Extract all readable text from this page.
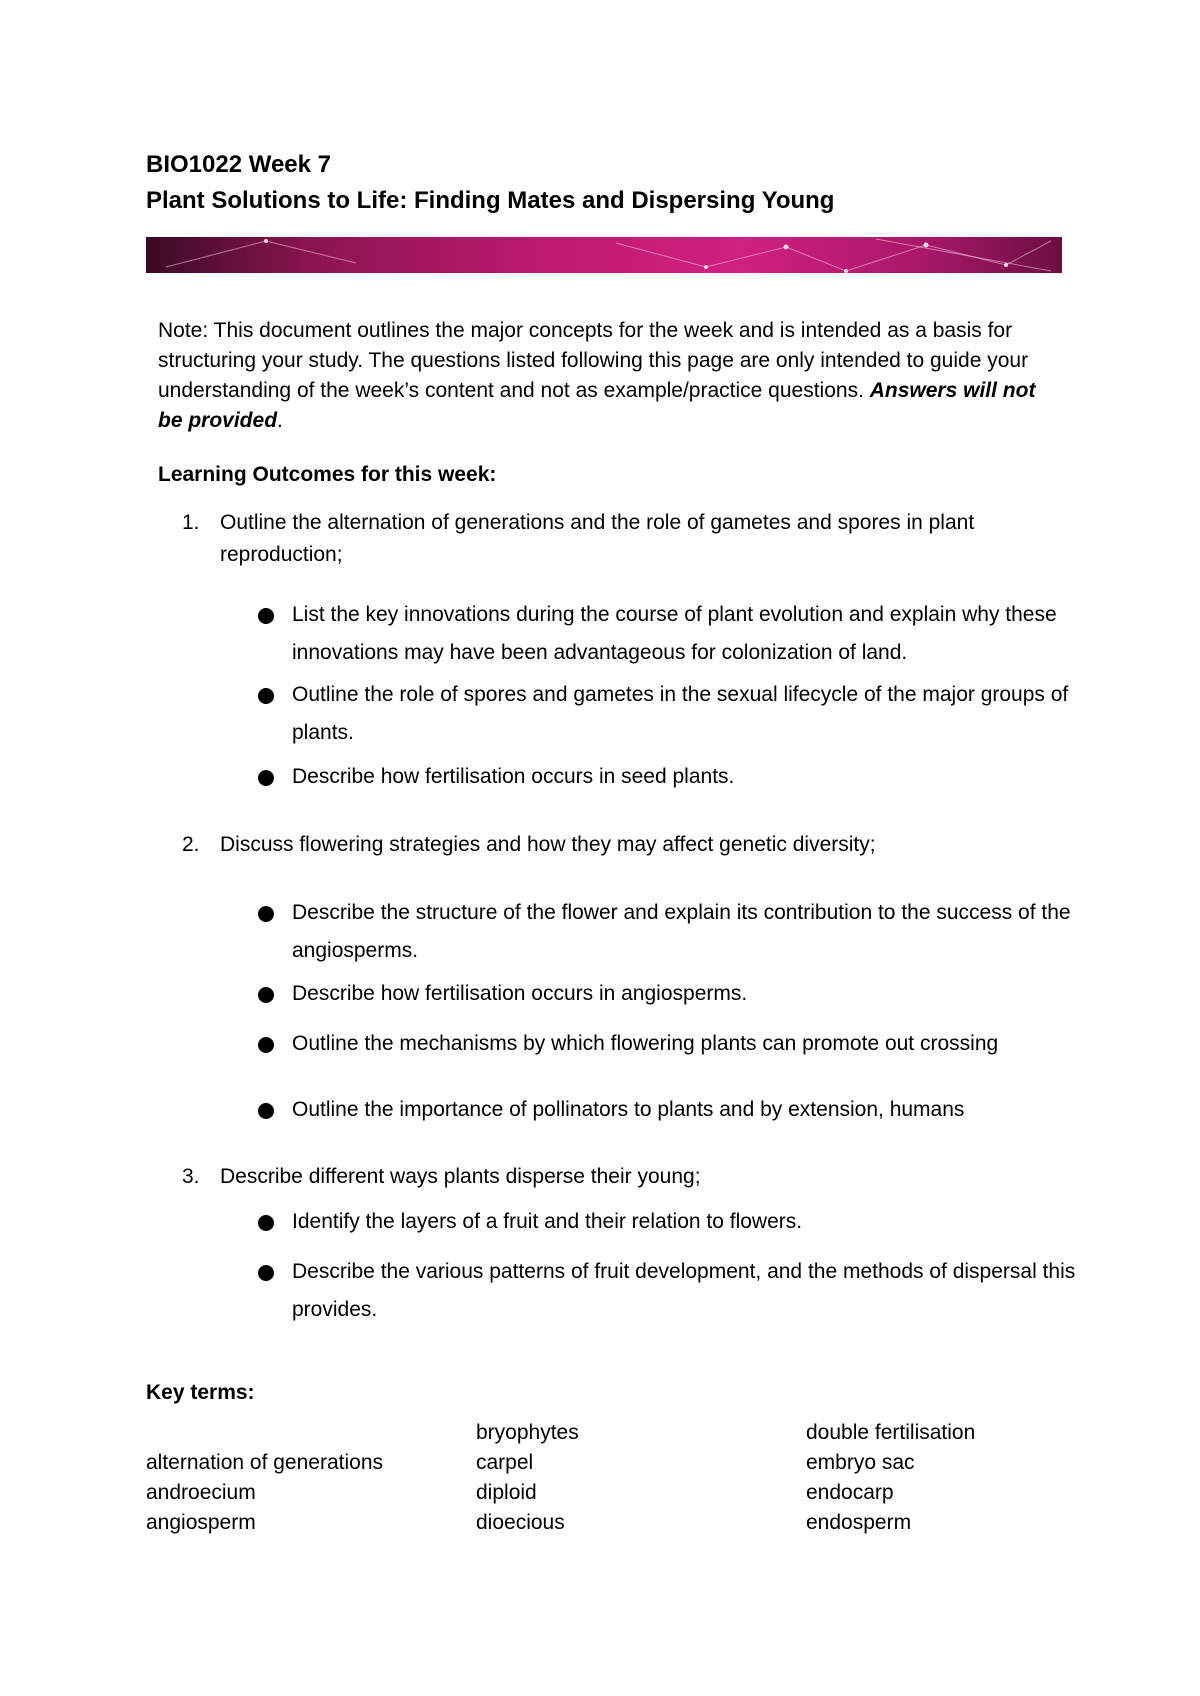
BIO1022 Week 7
Plant Solutions to Life: Finding Mates and Dispersing Young
Note: This document outlines the major concepts for the week and is intended as a basis for structuring your study. The questions listed following this page are only intended to guide your understanding of the week’s content and not as example/practice questions. Answers will not be provided.
Learning Outcomes for this week:
1. Outline the alternation of generations and the role of gametes and spores in plant reproduction;
List the key innovations during the course of plant evolution and explain why these innovations may have been advantageous for colonization of land.
Outline the role of spores and gametes in the sexual lifecycle of the major groups of plants.
Describe how fertilisation occurs in seed plants.
2. Discuss flowering strategies and how they may affect genetic diversity;
Describe the structure of the flower and explain its contribution to the success of the angiosperms.
Describe how fertilisation occurs in angiosperms.
Outline the mechanisms by which flowering plants can promote out crossing
Outline the importance of pollinators to plants and by extension, humans
3. Describe different ways plants disperse their young;
Identify the layers of a fruit and their relation to flowers.
Describe the various patterns of fruit development, and the methods of dispersal this provides.
Key terms:
alternation of generations
androecium
angiosperm
bryophytes
carpel
diploid
dioecious
double fertilisation
embryo sac
endocarp
endosperm
